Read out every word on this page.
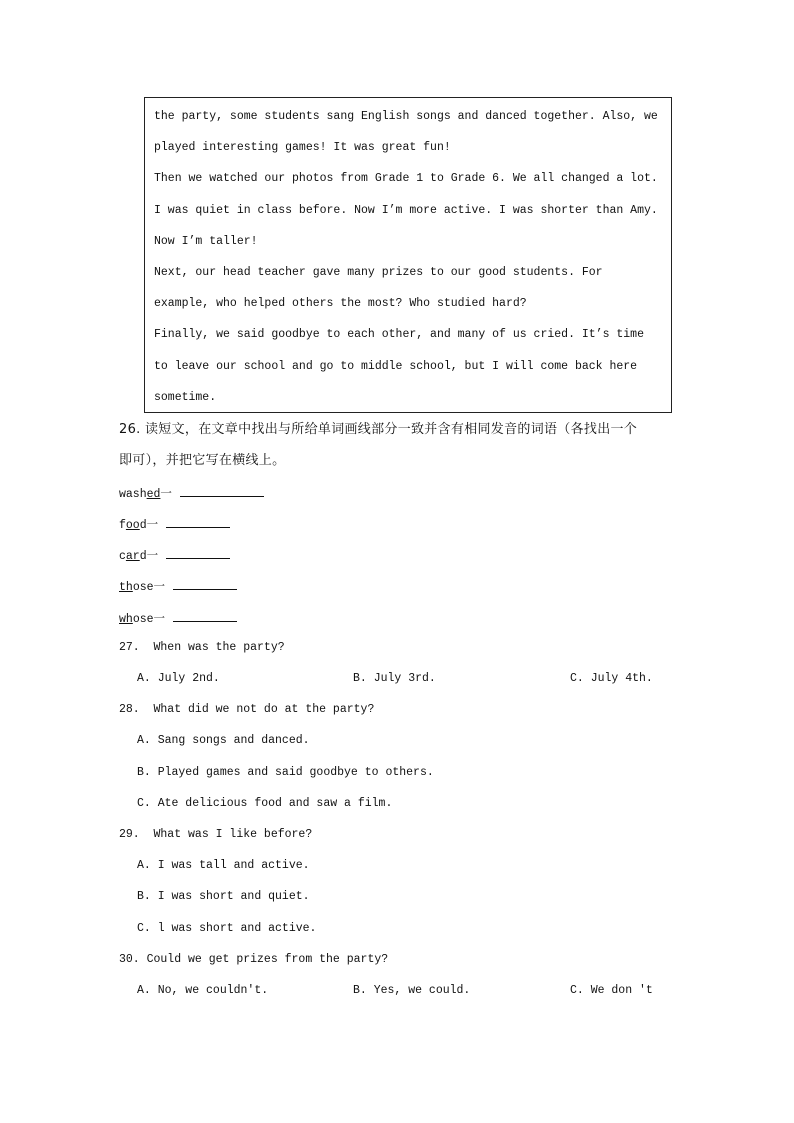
the party, some students sang English songs and danced together. Also, we
played interesting games! It was great fun!
Then we watched our photos from Grade 1 to Grade 6. We all changed a lot.
I was quiet in class before. Now I’m more active. I was shorter than Amy.
Now I’m taller!
Next, our head teacher gave many prizes to our good students. For
example, who helped others the most? Who studied hard?
Finally, we said goodbye to each other, and many of us cried. It’s time
to leave our school and go to middle school, but I will come back here
sometime.
26. 读短文，在文章中找出与所给单词画线部分一致并含有相同发音的词语（各找出一个
即可），并把它写在横线上。
washed一
food一
card一
those一
whose一
27.  When was the party?
A. July 2nd.	B. July 3rd.	C. July 4th.
28.  What did we not do at the party?
A. Sang songs and danced.
B. Played games and said goodbye to others.
C. Ate delicious food and saw a film.
29.  What was I like before?
A. I was tall and active.
B. I was short and quiet.
C. l was short and active.
30. Could we get prizes from the party?
A. No, we couldn't.	B. Yes, we could.	C. We don 't
